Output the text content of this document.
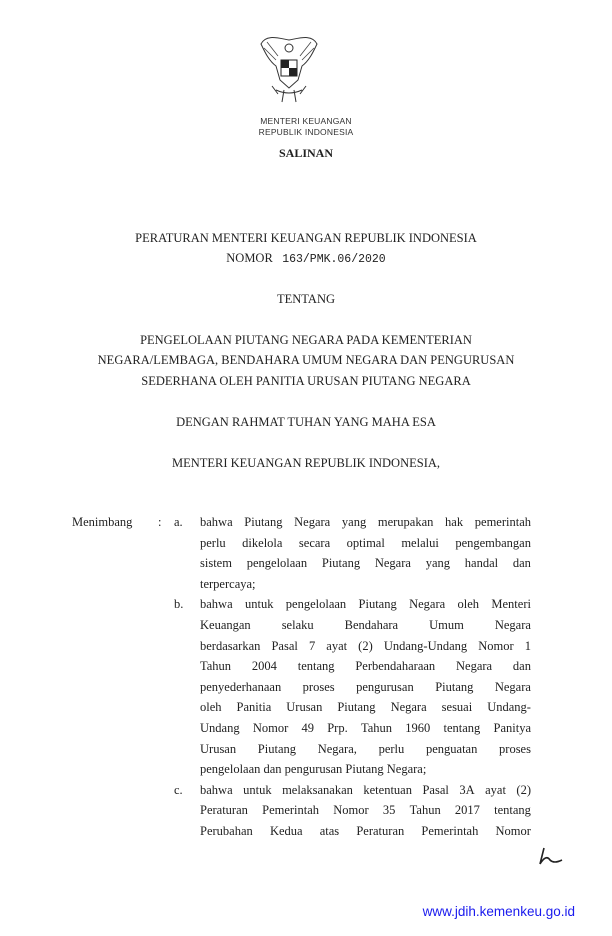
MENTERI KEUANGAN
REPUBLIK INDONESIA
SALINAN
PERATURAN MENTERI KEUANGAN REPUBLIK INDONESIA
NOMOR 163/PMK.06/2020
TENTANG
PENGELOLAAN PIUTANG NEGARA PADA KEMENTERIAN
NEGARA/LEMBAGA, BENDAHARA UMUM NEGARA DAN PENGURUSAN
SEDERHANA OLEH PANITIA URUSAN PIUTANG NEGARA
DENGAN RAHMAT TUHAN YANG MAHA ESA
MENTERI KEUANGAN REPUBLIK INDONESIA,
Menimbang : a. bahwa Piutang Negara yang merupakan hak pemerintah
perlu dikelola secara optimal melalui pengembangan
sistem pengelolaan Piutang Negara yang handal dan
terpercaya;
b. bahwa untuk pengelolaan Piutang Negara oleh Menteri
Keuangan selaku Bendahara Umum Negara
berdasarkan Pasal 7 ayat (2) Undang-Undang Nomor 1
Tahun 2004 tentang Perbendaharaan Negara dan
penyederhanaan proses pengurusan Piutang Negara
oleh Panitia Urusan Piutang Negara sesuai Undang-
Undang Nomor 49 Prp. Tahun 1960 tentang Panitya
Urusan Piutang Negara, perlu penguatan proses
pengelolaan dan pengurusan Piutang Negara;
c. bahwa untuk melaksanakan ketentuan Pasal 3A ayat (2)
Peraturan Pemerintah Nomor 35 Tahun 2017 tentang
Perubahan Kedua atas Peraturan Pemerintah Nomor
www.jdih.kemenkeu.go.id
